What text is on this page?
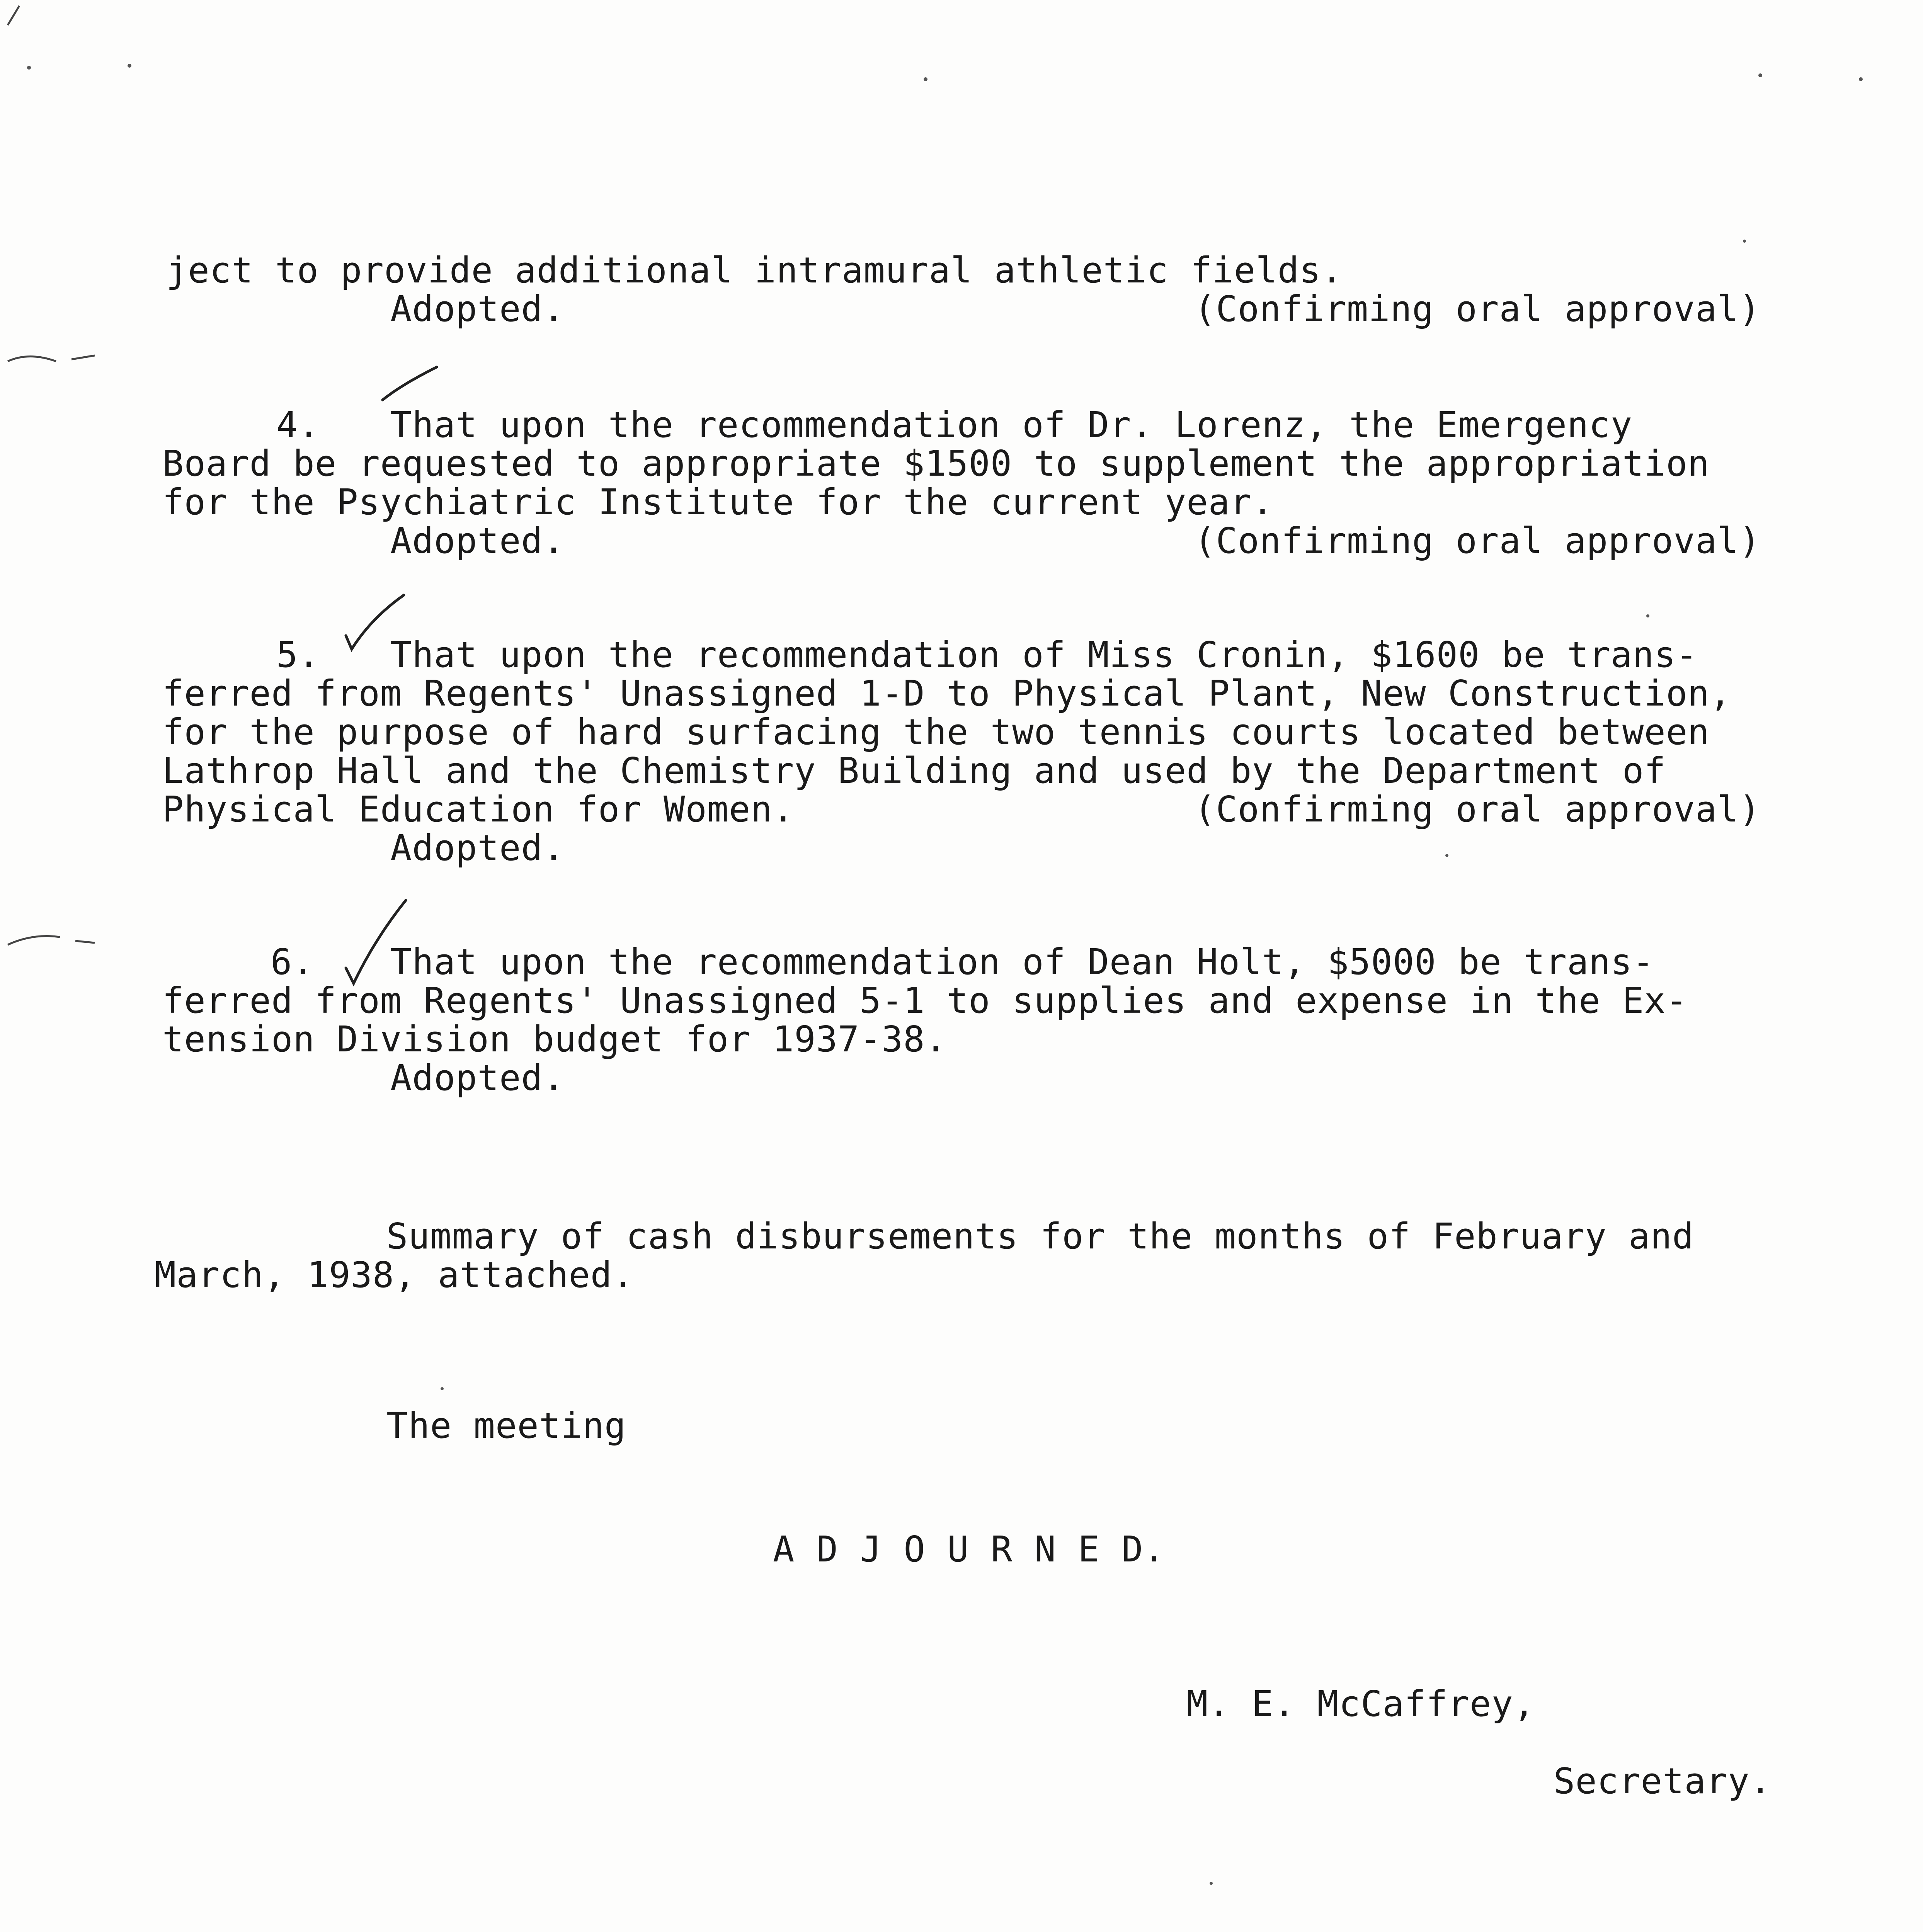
ject to provide additional intramural athletic fields.
Adopted.	(Confirming oral approval)
4. That upon the recommendation of Dr. Lorenz, the Emergency
Board be requested to appropriate $1500 to supplement the appropriation
for the Psychiatric Institute for the current year.
Adopted.	(Confirming oral approval)
5. That upon the recommendation of Miss Cronin, $1600 be trans-
ferred from Regents' Unassigned 1-D to Physical Plant, New Construction,
for the purpose of hard surfacing the two tennis courts located between
Lathrop Hall and the Chemistry Building and used by the Department of
Physical Education for Women.	(Confirming oral approval)
Adopted.
6. That upon the recommendation of Dean Holt, $5000 be trans-
ferred from Regents' Unassigned 5-1 to supplies and expense in the Ex-
tension Division budget for 1937-38.
Adopted.
Summary of cash disbursements for the months of February and
March, 1938, attached.
The meeting
A D J O U R N E D.
M. E. McCaffrey,
Secretary.
